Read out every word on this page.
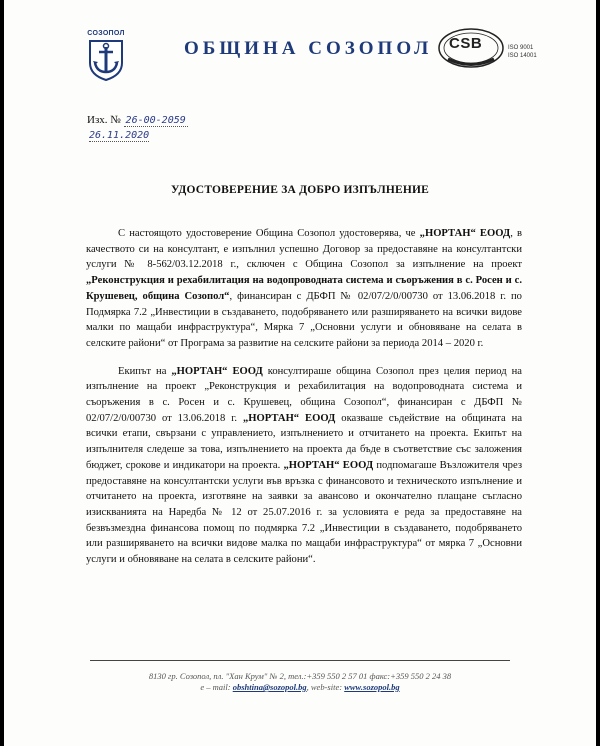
СОЗОПОЛ
ОБЩИНА СОЗОПОЛ CSB	ISO 9001
ISO 14001
Изх. № 26-00-2059
26.11.2020
УДОСТОВЕРЕНИЕ ЗА ДОБРО ИЗПЪЛНЕНИЕ

С настоящото удостоверение Община Созопол удостоверява, че „НОРТАН“ ЕООД, в качеството си на консултант, е изпълнил успешно Договор за предоставяне на консултантски услуги № 8-562/03.12.2018 г., сключен с Община Созопол за изпълнение на проект „Реконструкция и рехабилитация на водопроводната система и съоръжения в с. Росен и с. Крушевец, община Созопол“, финансиран с ДБФП № 02/07/2/0/00730 от 13.06.2018 г. по Подмярка 7.2 „Инвестиции в създаването, подобряването или разширяването на всички видове малки по мащаби инфраструктура“, Мярка 7 „Основни услуги и обновяване на селата в селските райони“ от Програма за развитие на селските райони за периода 2014 – 2020 г.

Екипът на „НОРТАН“ ЕООД консултираше община Созопол през целия период на изпълнение на проект „Реконструкция и рехабилитация на водопроводната система и съоръжения в с. Росен и с. Крушевец, община Созопол“, финансиран с ДБФП № 02/07/2/0/00730 от 13.06.2018 г. „НОРТАН“ ЕООД оказваше съдействие на общината на всички етапи, свързани с управлението, изпълнението и отчитането на проекта. Екипът на изпълнителя следеше за това, изпълнението на проекта да бъде в съответствие със заложения бюджет, срокове и индикатори на проекта. „НОРТАН“ ЕООД подпомагаше Възложителя чрез предоставяне на консултантски услуги във връзка с финансовото и техническото изпълнение и отчитането на проекта, изготвяне на заявки за авансово и окончателно плащане съгласно изискванията на Наредба № 12 от 25.07.2016 г. за условията е реда за предоставяне на безвъзмездна финансова помощ по подмярка 7.2 „Инвестиции в създаването, подобряването или разширяването на всички видове малка по мащаби инфраструктура“ от мярка 7 „Основни услуги и обновяване на селата в селските райони“.

8130 гр. Созопол, пл. "Хан Крум" № 2, тел.:+359 550 2 57 01 факс:+359 550 2 24 38
e – mail: obshtina@sozopol.bg, web-site: www.sozopol.bg
